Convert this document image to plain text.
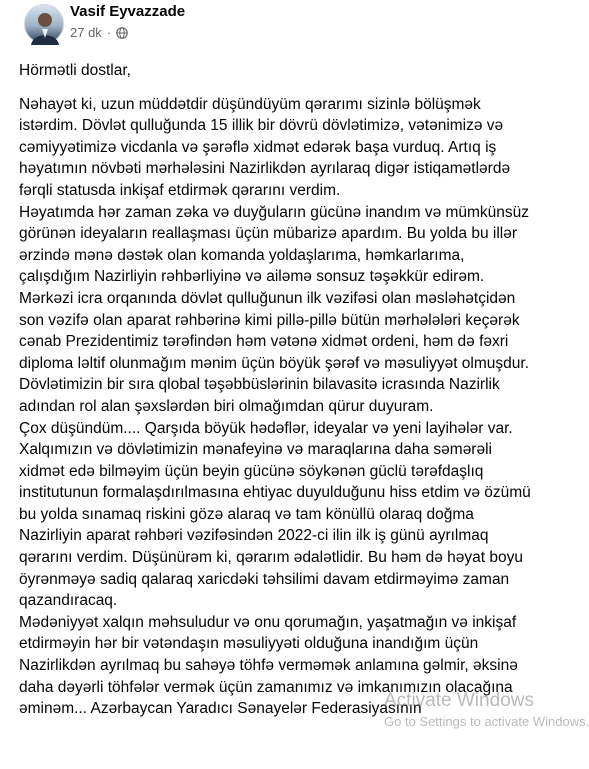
Vasif Eyvazzade
27 dk ·

Hörmətli dostlar,

Nəhayət ki, uzun müddətdir düşündüyüm qərarımı sizinlə bölüşmək istərdim. Dövlət qulluğunda 15 illik bir dövrü dövlətimizə, vətənimizə və cəmiyyətimizə vicdanla və şərəflə xidmət edərək başa vurduq. Artıq iş həyatımın növbəti mərhələsini Nazirlikdən ayrılaraq digər istiqamətlərdə fərqli statusda inkişaf etdirmək qərarını verdim.

Həyatımda hər zaman zəka və duyğuların gücünə inandım və mümkünsüz görünən ideyaların reallaşması üçün mübarizə apardım. Bu yolda bu illər ərzində mənə dəstək olan komanda yoldaşlarıma, həmkarlarıma, çalışdığım Nazirliyin rəhbərliyinə və ailəmə sonsuz təşəkkür edirəm.

Mərkəzi icra orqanında dövlət qulluğunun ilk vəzifəsi olan məsləhətçidən son vəzifə olan aparat rəhbərinə kimi pillə-pillə bütün mərhələləri keçərək cənab Prezidentimiz tərəfindən həm vətənə xidmət ordeni, həm də fəxri diploma ləltif olunmağım mənim üçün böyük şərəf və məsuliyyət olmuşdur. Dövlətimizin bir sıra qlobal təşəbbüslərinin bilavasitə icrasında Nazirlik adından rol alan şəxslərdən biri olmağımdan qürur duyuram.

Çox düşündüm.... Qarşıda böyük hədəflər, ideyalar və yeni layihələr var. Xalqımızın və dövlətimizin mənafeyinə və maraqlarına daha səmərəli xidmət edə bilməyim üçün beyin gücünə söykənən güclü tərəfdaşlıq institutunun formalaşdırılmasına ehtiyac duyulduğunu hiss etdim və özümü bu yolda sınamaq riskini gözə alaraq və tam könüllü olaraq doğma Nazirliyin aparat rəhbəri vəzifəsindən 2022-ci ilin ilk iş günü ayrılmaq qərarını verdim. Düşünürəm ki, qərarım ədalətlidir. Bu həm də həyat boyu öyrənməyə sadiq qalaraq xaricdəki təhsilimi davam etdirməyimə zaman qazandıracaq.

Mədəniyyət xalqın məhsuludur və onu qorumağın, yaşatmağın və inkişaf etdirməyin hər bir vətəndaşın məsuliyyəti olduğuna inandığım üçün Nazirlikdən ayrılmaq bu sahəyə töhfə verməmək anlamına gəlmir, əksinə daha dəyərli töhfələr vermək üçün zamanımız və imkanımızın olacağına əminəm... Azərbaycan Yaradıcı Sənayelər Federasiyasının

Activate Windows
Go to Settings to activate Windows.
